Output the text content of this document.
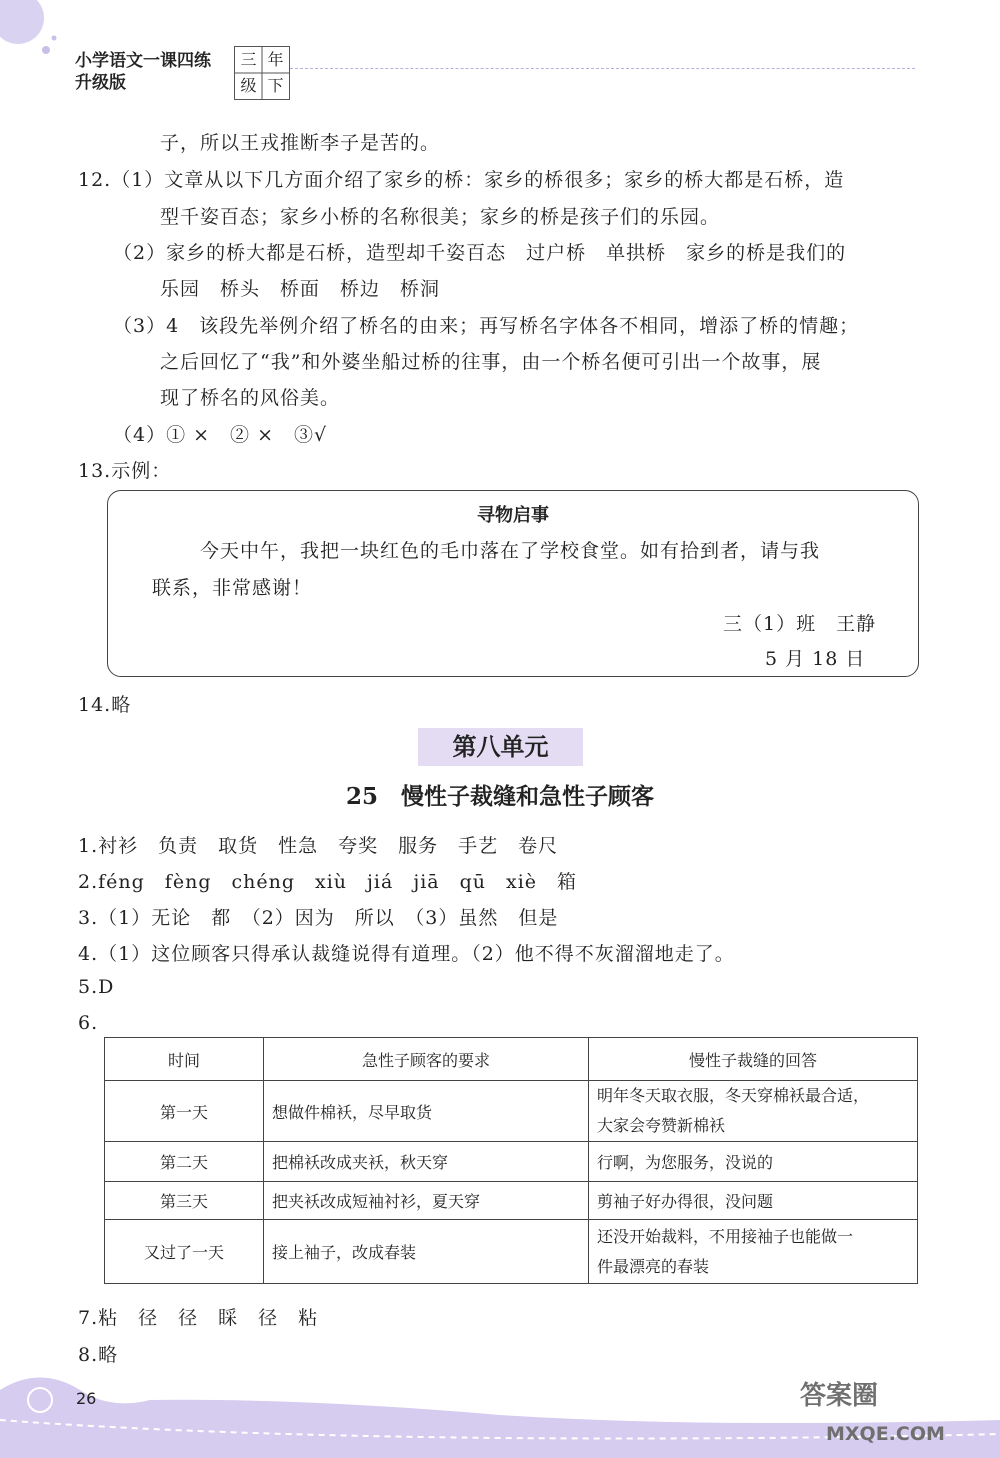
小学语文一课四练
升级版
三 年
级 下
子，所以王戎推断李子是苦的。
12.（1）文章从以下几方面介绍了家乡的桥：家乡的桥很多；家乡的桥大都是石桥，造
型千姿百态；家乡小桥的名称很美；家乡的桥是孩子们的乐园。
（2）家乡的桥大都是石桥，造型却千姿百态　过户桥　单拱桥　家乡的桥是我们的
乐园　桥头　桥面　桥边　桥洞
（3）4　该段先举例介绍了桥名的由来；再写桥名字体各不相同，增添了桥的情趣；
之后回忆了“我”和外婆坐船过桥的往事，由一个桥名便可引出一个故事，展
现了桥名的风俗美。
（4）① ×　② ×　③√
13.示例：
寻物启事
今天中午，我把一块红色的毛巾落在了学校食堂。如有拾到者，请与我
联系，非常感谢！
三（1）班　王静
5 月 18 日
14.略
第八单元
25　慢性子裁缝和急性子顾客
1.衬衫　负责　取货　性急　夸奖　服务　手艺　卷尺
2.féng　fèng　chéng　xiù　jiá　jiā　qū　xiè　箱
3.（1）无论　都　（2）因为　所以　（3）虽然　但是
4.（1）这位顾客只得承认裁缝说得有道理。（2）他不得不灰溜溜地走了。
5.D
6.
时间	急性子顾客的要求	慢性子裁缝的回答
第一天	想做件棉袄，尽早取货	明年冬天取衣服，冬天穿棉袄最合适，
大家会夸赞新棉袄

第二天	把棉袄改成夹袄，秋天穿	行啊，为您服务，没说的
第三天	把夹袄改成短袖衬衫，夏天穿	剪袖子好办得很，没问题
又过了一天	接上袖子，改成春装	还没开始裁料，不用接袖子也能做一
件最漂亮的春装
7.粘　径　径　睬　径　粘
8.略
26	答案圈
MXQE.COM
